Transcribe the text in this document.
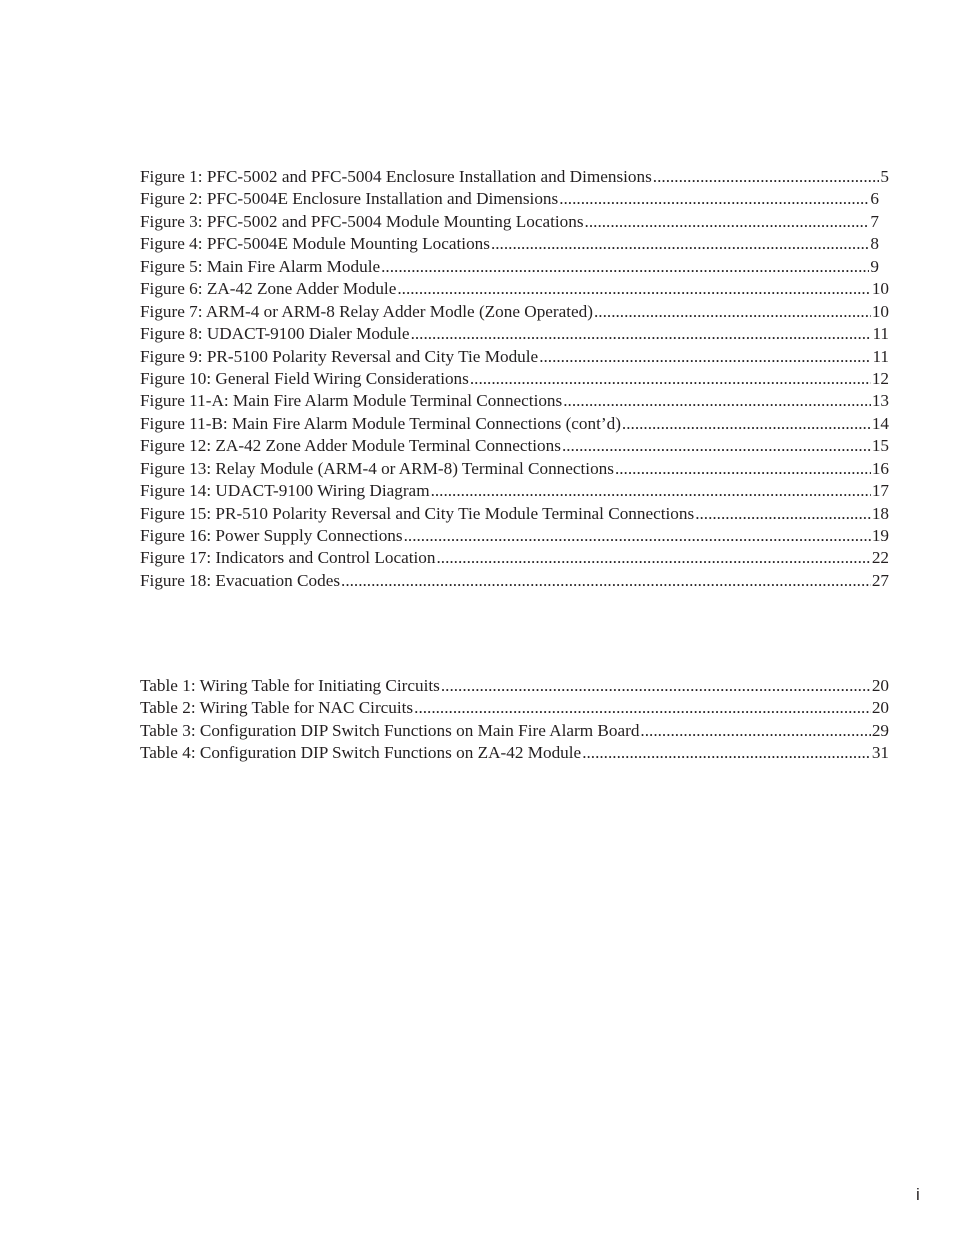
Figure 1: PFC-5002 and PFC-5004 Enclosure Installation and Dimensions .....	5
Figure 2: PFC-5004E Enclosure Installation and Dimensions .....	6
Figure 3: PFC-5002 and PFC-5004 Module Mounting Locations .....	7
Figure 4: PFC-5004E Module Mounting Locations .....	8
Figure 5: Main Fire Alarm Module .....	9
Figure 6: ZA-42 Zone Adder Module .....	10
Figure 7: ARM-4 or ARM-8 Relay Adder Modle (Zone Operated) .....	10
Figure 8: UDACT-9100 Dialer Module .....	11
Figure 9: PR-5100 Polarity Reversal and City Tie Module .....	11
Figure 10: General Field Wiring Considerations .....	12
Figure 11-A: Main Fire Alarm Module Terminal Connections .....	13
Figure 11-B: Main Fire Alarm Module Terminal Connections (cont’d) .....	14
Figure 12: ZA-42 Zone Adder Module Terminal Connections .....	15
Figure 13: Relay Module (ARM-4 or ARM-8) Terminal Connections .....	16
Figure 14: UDACT-9100 Wiring Diagram .....	17
Figure 15: PR-510 Polarity Reversal and City Tie Module Terminal Connections .....	18
Figure 16: Power Supply Connections .....	19
Figure 17: Indicators and Control Location .....	22
Figure 18: Evacuation Codes .....	27
Table 1: Wiring Table for Initiating Circuits .....	20
Table 2: Wiring Table for NAC Circuits .....	20
Table 3: Configuration DIP Switch Functions on Main Fire Alarm Board .....	29
Table 4: Configuration DIP Switch Functions on ZA-42 Module .....	31
i
